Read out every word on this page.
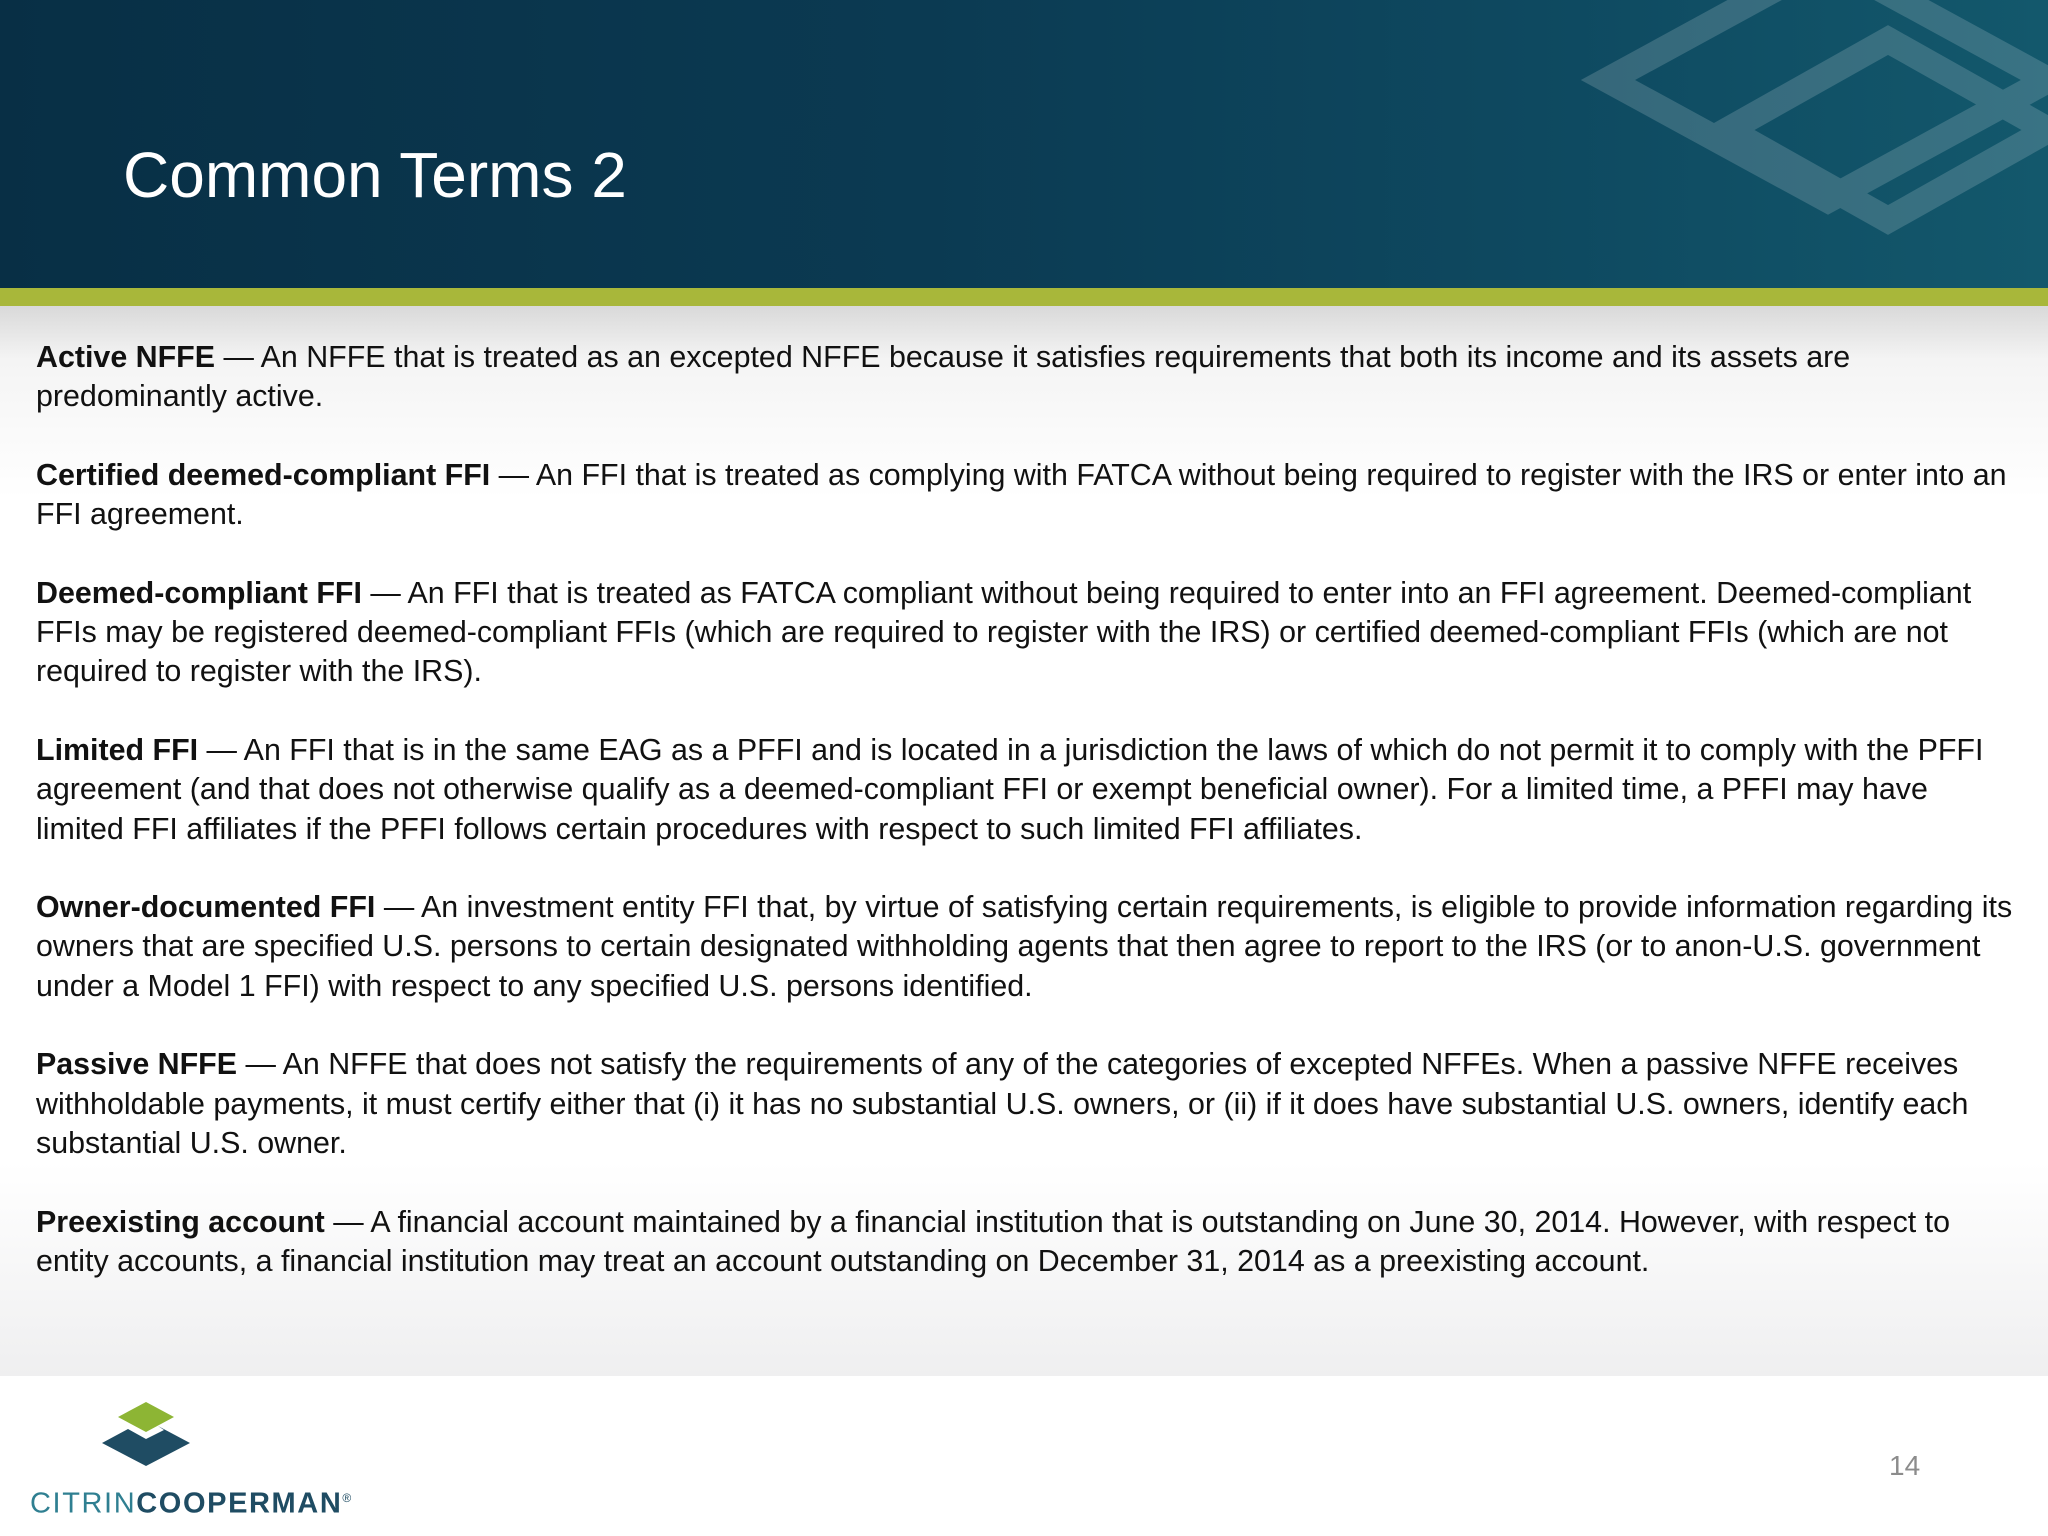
Common Terms 2

Active NFFE — An NFFE that is treated as an excepted NFFE because it satisfies requirements that both its income and its assets are predominantly active.

Certified deemed-compliant FFI — An FFI that is treated as complying with FATCA without being required to register with the IRS or enter into an FFI agreement.

Deemed-compliant FFI — An FFI that is treated as FATCA compliant without being required to enter into an FFI agreement. Deemed-compliant FFIs may be registered deemed-compliant FFIs (which are required to register with the IRS) or certified deemed-compliant FFIs (which are not required to register with the IRS).

Limited FFI — An FFI that is in the same EAG as a PFFI and is located in a jurisdiction the laws of which do not permit it to comply with the PFFI agreement (and that does not otherwise qualify as a deemed-compliant FFI or exempt beneficial owner). For a limited time, a PFFI may have limited FFI affiliates if the PFFI follows certain procedures with respect to such limited FFI affiliates.

Owner-documented FFI — An investment entity FFI that, by virtue of satisfying certain requirements, is eligible to provide information regarding its owners that are specified U.S. persons to certain designated withholding agents that then agree to report to the IRS (or to anon-U.S. government under a Model 1 FFI) with respect to any specified U.S. persons identified.

Passive NFFE — An NFFE that does not satisfy the requirements of any of the categories of excepted NFFEs. When a passive NFFE receives withholdable payments, it must certify either that (i) it has no substantial U.S. owners, or (ii) if it does have substantial U.S. owners, identify each substantial U.S. owner.

Preexisting account — A financial account maintained by a financial institution that is outstanding on June 30, 2014. However, with respect to entity accounts, a financial institution may treat an account outstanding on December 31, 2014 as a preexisting account.

CITRINCOOPERMAN®
14
